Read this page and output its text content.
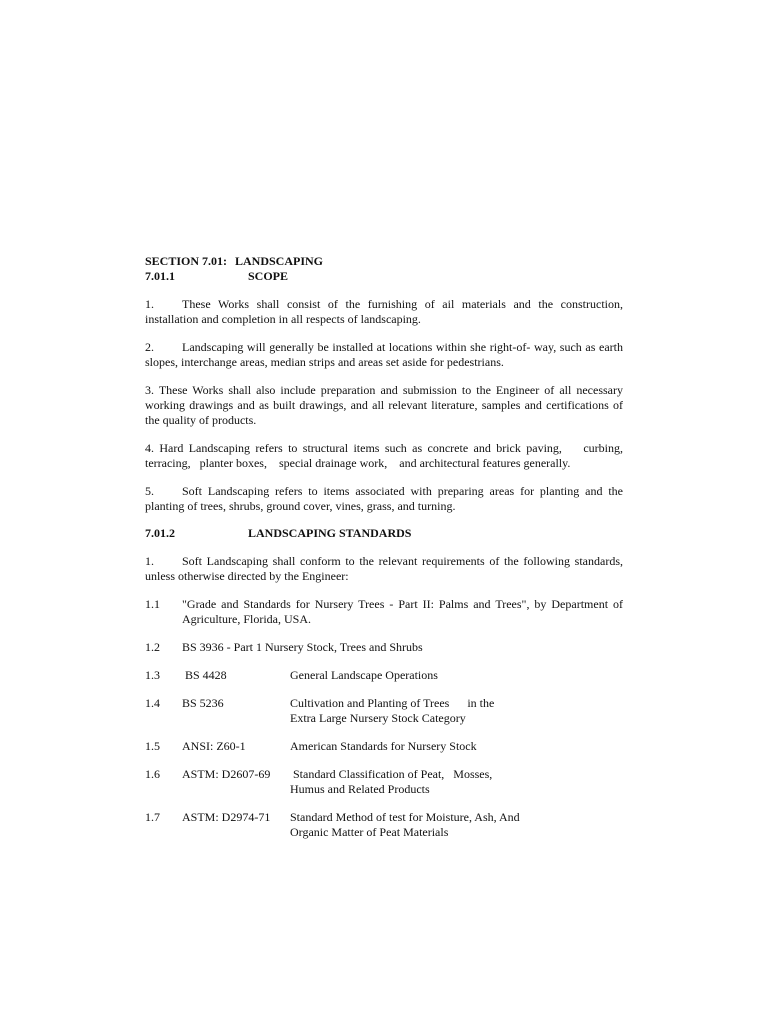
SECTION 7.01: LANDSCAPING
7.01.1	SCOPE

1. These Works shall consist of the furnishing of ail materials and the construction, installation and completion in all respects of landscaping.

2. Landscaping will generally be installed at locations within she right-of- way, such as earth slopes, interchange areas, median strips and areas set aside for pedestrians.

3. These Works shall also include preparation and submission to the Engineer of all necessary working drawings and as built drawings, and all relevant literature, samples and certifications of the quality of products.

4. Hard Landscaping refers to structural items such as concrete and brick paving,    curbing, terracing,   planter boxes,    special drainage work,    and architectural features generally.

5. Soft Landscaping refers to items associated with preparing areas for planting and the planting of trees, shrubs, ground cover, vines, grass, and turning.

7.01.2	LANDSCAPING STANDARDS

1. Soft Landscaping shall conform to the relevant requirements of the following standards, unless otherwise directed by the Engineer:

1.1	"Grade and Standards for Nursery Trees - Part II: Palms and Trees", by Department of Agriculture, Florida, USA.
1.2	BS 3936 - Part 1 Nursery Stock, Trees and Shrubs
1.3	BS 4428	General Landscape Operations
1.4	BS 5236	Cultivation and Planting of Trees      in the Extra Large Nursery Stock Category
1.5	ANSI: Z60-1	American Standards for Nursery Stock
1.6	ASTM: D2607-69	Standard Classification of Peat,   Mosses, Humus and Related Products
1.7	ASTM: D2974-71	Standard Method of test for Moisture, Ash, And Organic Matter of Peat Materials
